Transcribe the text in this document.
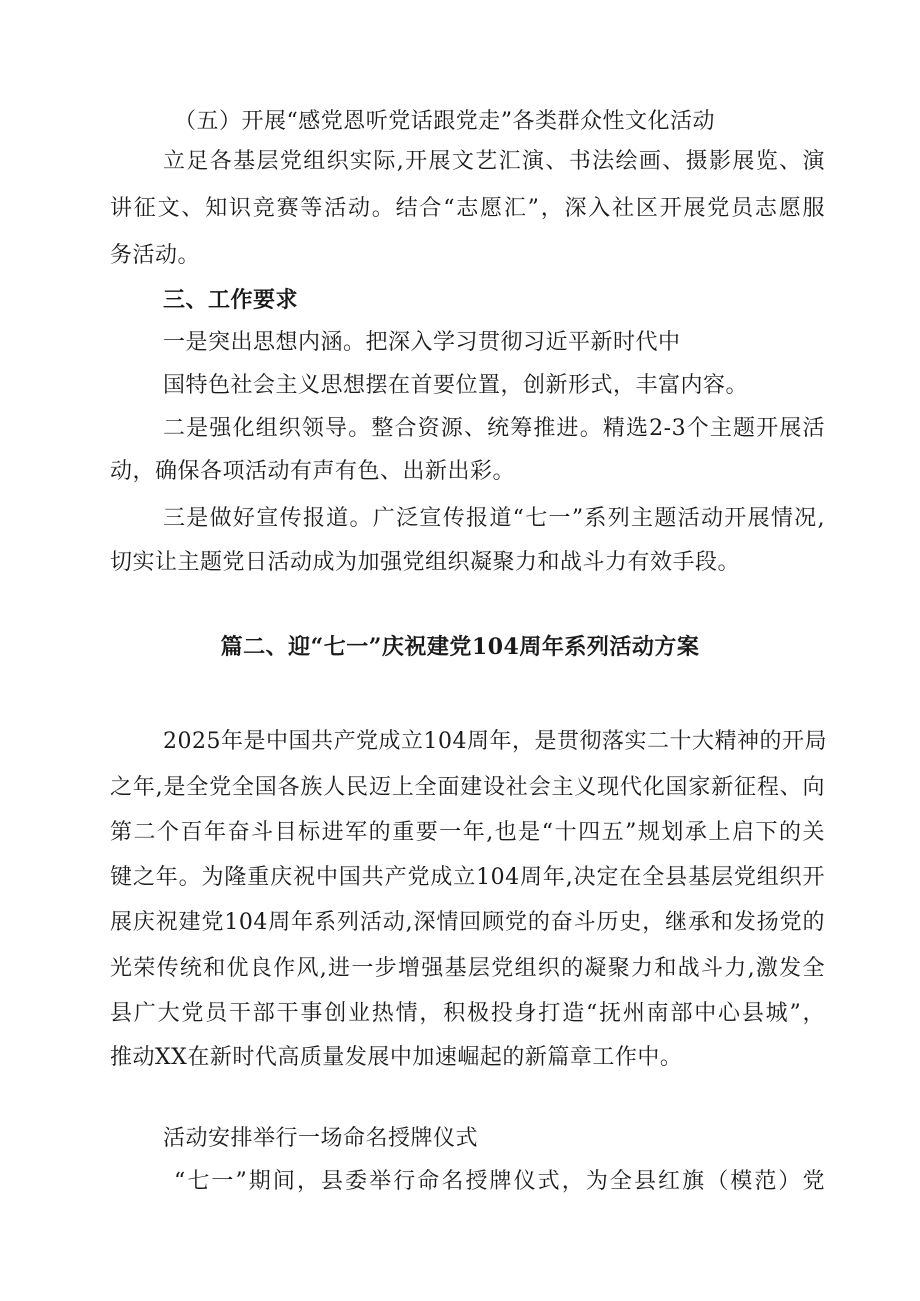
（五）开展“感党恩听党话跟党走”各类群众性文化活动
立足各基层党组织实际,开展文艺汇演、书法绘画、摄影展览、演
讲征文、知识竞赛等活动。结合“志愿汇”，深入社区开展党员志愿服
务活动。
三、工作要求
一是突出思想内涵。把深入学习贯彻习近平新时代中
国特色社会主义思想摆在首要位置，创新形式，丰富内容。
二是强化组织领导。整合资源、统筹推进。精选2-3个主题开展活
动，确保各项活动有声有色、出新出彩。
三是做好宣传报道。广泛宣传报道“七一”系列主题活动开展情况,
切实让主题党日活动成为加强党组织凝聚力和战斗力有效手段。
篇二、迎“七一”庆祝建党104周年系列活动方案
2025年是中国共产党成立104周年，是贯彻落实二十大精神的开局
之年,是全党全国各族人民迈上全面建设社会主义现代化国家新征程、向
第二个百年奋斗目标进军的重要一年,也是“十四五”规划承上启下的关
键之年。为隆重庆祝中国共产党成立104周年,决定在全县基层党组织开
展庆祝建党104周年系列活动,深情回顾党的奋斗历史，继承和发扬党的
光荣传统和优良作风,进一步增强基层党组织的凝聚力和战斗力,激发全
县广大党员干部干事创业热情，积极投身打造“抚州南部中心县城”，
推动XX在新时代高质量发展中加速崛起的新篇章工作中。
活动安排举行一场命名授牌仪式
“七一”期间，县委举行命名授牌仪式，为全县红旗（模范）党
